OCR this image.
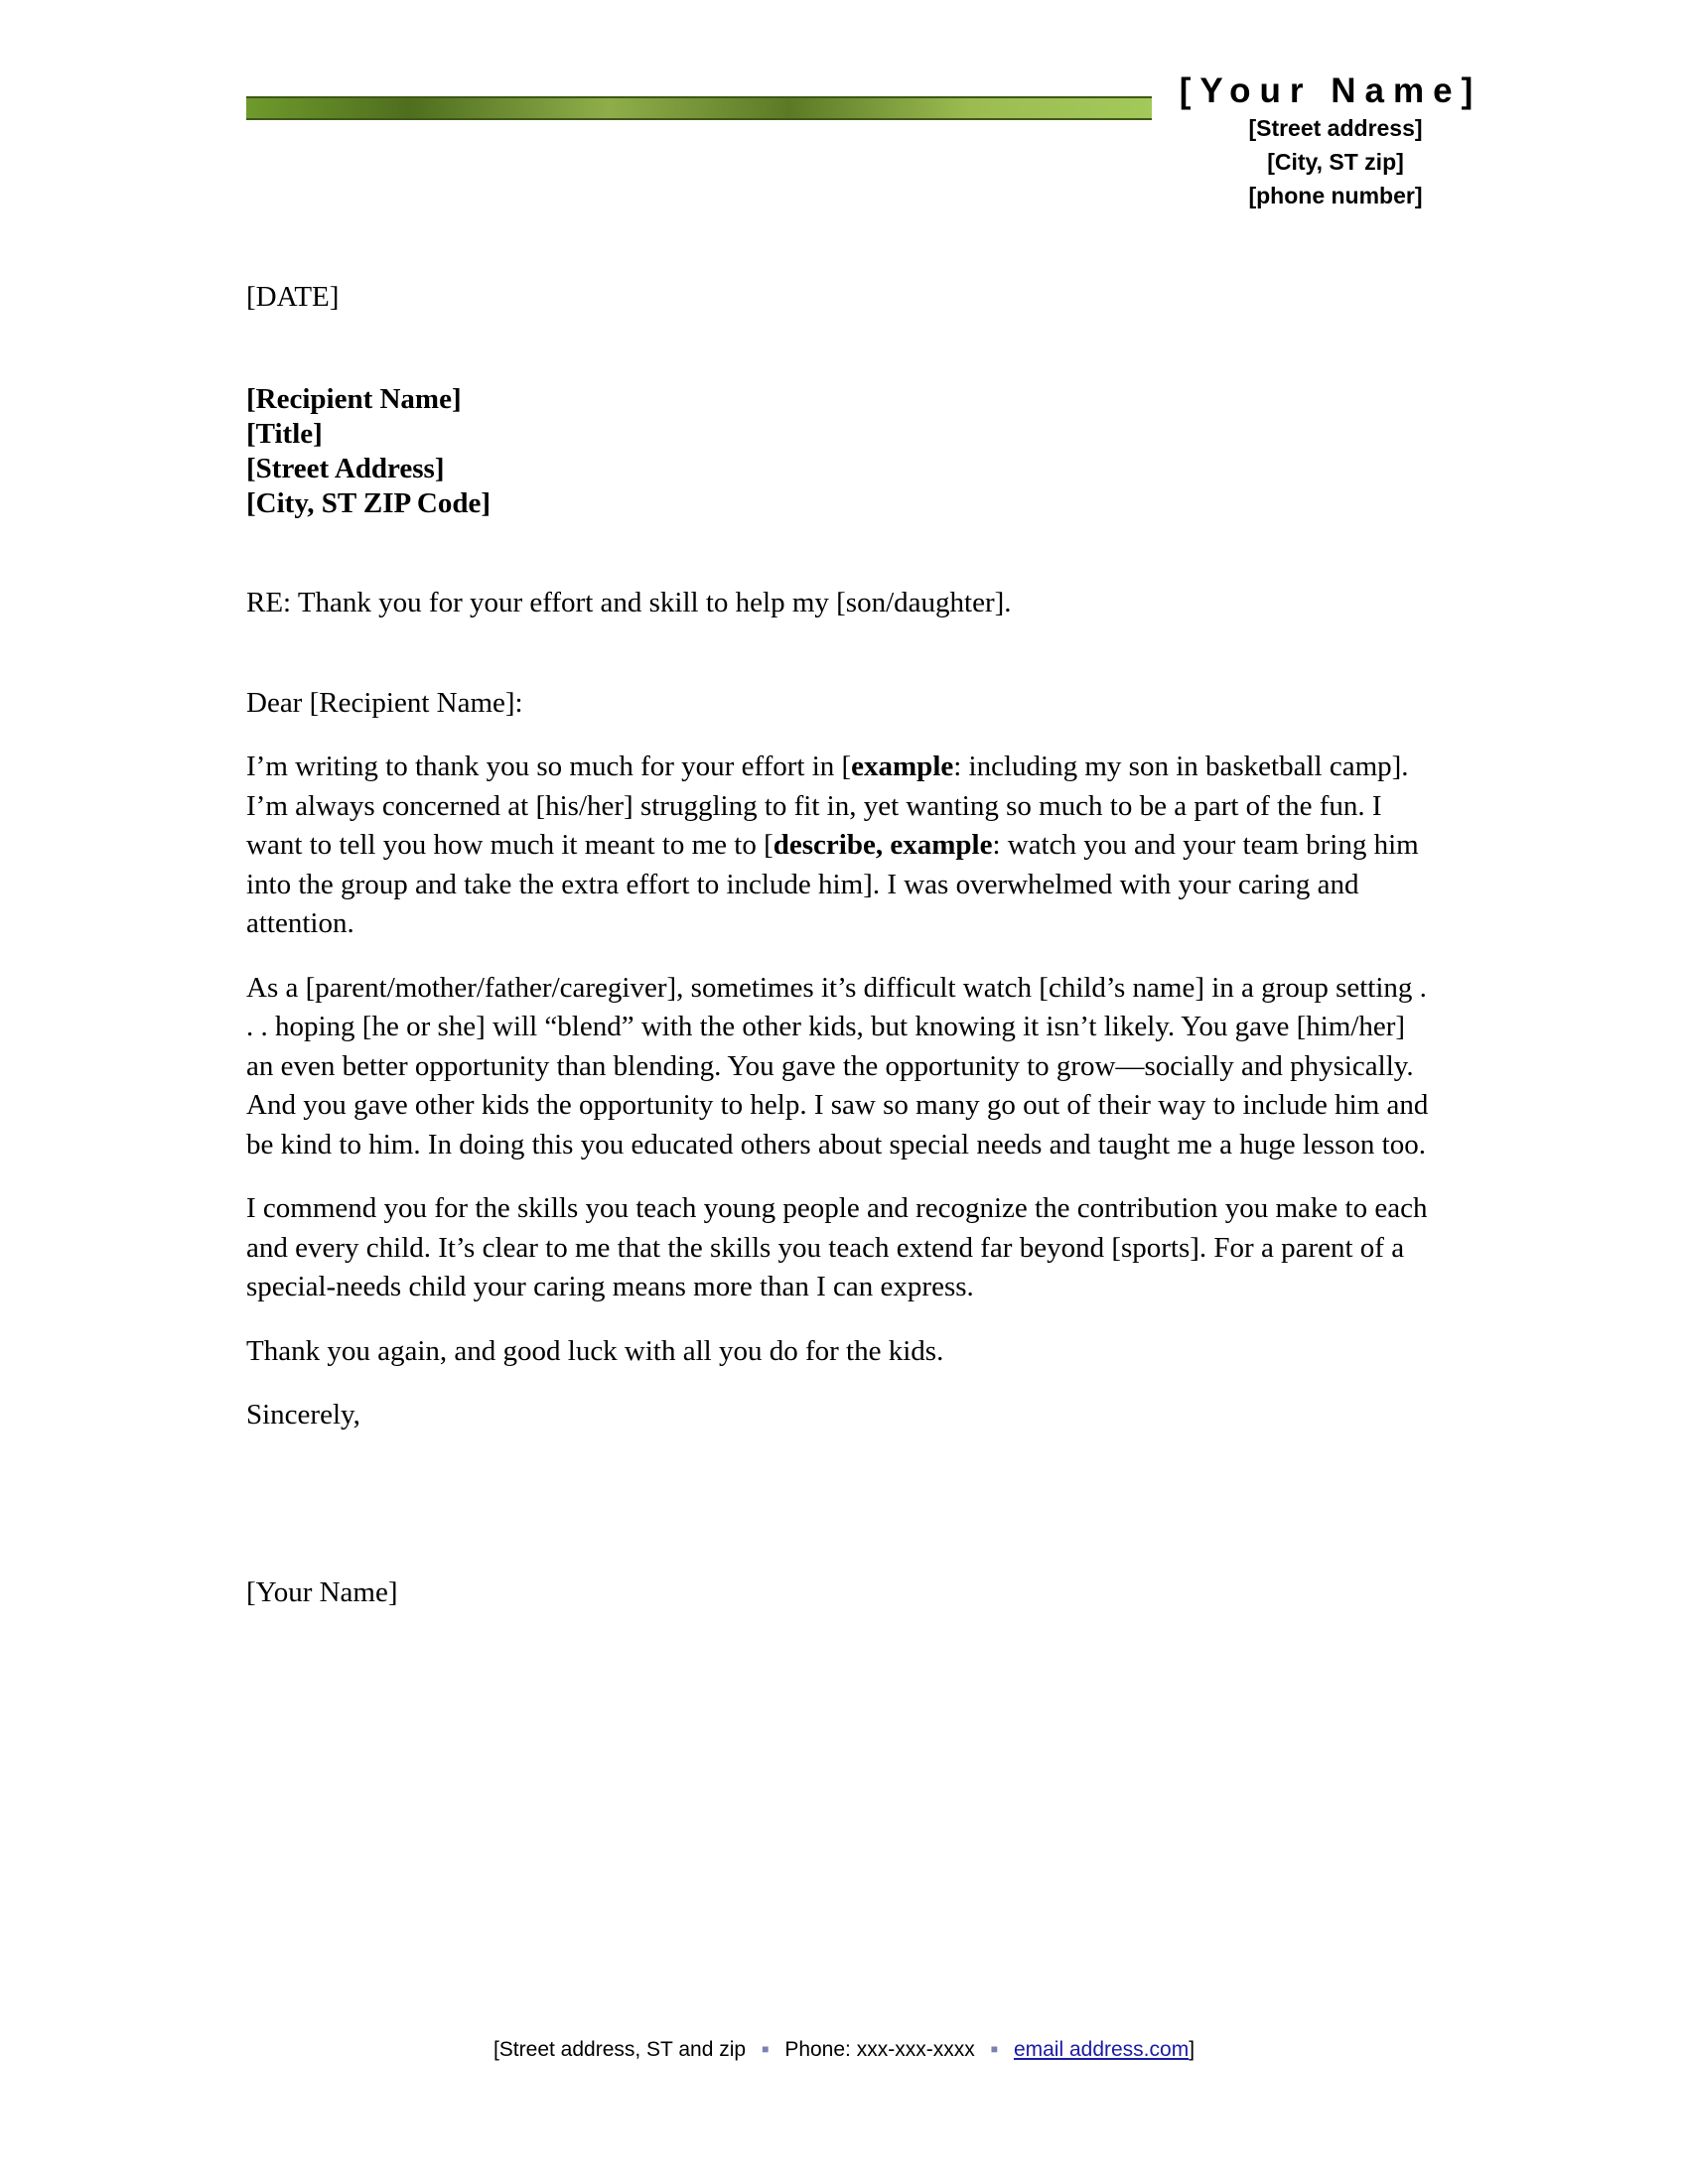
[Your Name]
[Street address]
[City, ST zip]
[phone number]
[DATE]
[Recipient Name]
[Title]
[Street Address]
[City, ST ZIP Code]
RE: Thank you for your effort and skill to help my [son/daughter].
Dear [Recipient Name]:
I’m writing to thank you so much for your effort in [example: including my son in basketball camp]. I’m always concerned at [his/her] struggling to fit in, yet wanting so much to be a part of the fun. I want to tell you how much it meant to me to [describe, example: watch you and your team bring him into the group and take the extra effort to include him]. I was overwhelmed with your caring and attention.
As a [parent/mother/father/caregiver], sometimes it’s difficult watch [child’s name] in a group setting . . . hoping [he or she] will “blend” with the other kids, but knowing it isn’t likely. You gave [him/her] an even better opportunity than blending. You gave the opportunity to grow—socially and physically. And you gave other kids the opportunity to help. I saw so many go out of their way to include him and be kind to him. In doing this you educated others about special needs and taught me a huge lesson too.
I commend you for the skills you teach young people and recognize the contribution you make to each and every child. It’s clear to me that the skills you teach extend far beyond [sports]. For a parent of a special-needs child your caring means more than I can express.
Thank you again, and good luck with all you do for the kids.
Sincerely,
[Your Name]
[Street address, ST and zip ■ Phone: xxx-xxx-xxxx ■ email address.com]
